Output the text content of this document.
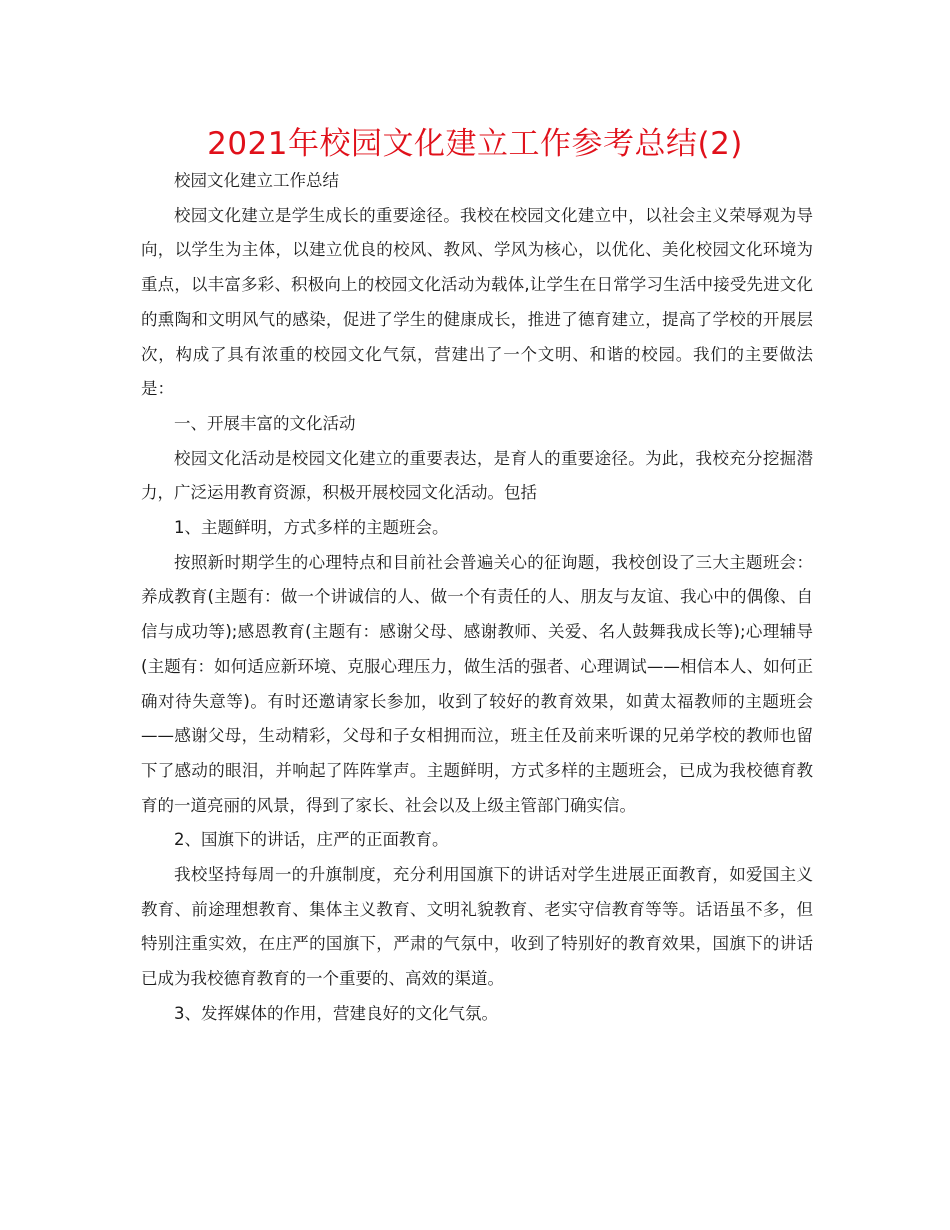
2021年校园文化建立工作参考总结(2)

校园文化建立工作总结

校园文化建立是学生成长的重要途径。我校在校园文化建立中，以社会主义荣辱观为导向，以学生为主体，以建立优良的校风、教风、学风为核心，以优化、美化校园文化环境为重点，以丰富多彩、积极向上的校园文化活动为载体,让学生在日常学习生活中接受先进文化的熏陶和文明风气的感染，促进了学生的健康成长，推进了德育建立，提高了学校的开展层次，构成了具有浓重的校园文化气氛，营建出了一个文明、和谐的校园。我们的主要做法是：

一、开展丰富的文化活动

校园文化活动是校园文化建立的重要表达，是育人的重要途径。为此，我校充分挖掘潜力，广泛运用教育资源，积极开展校园文化活动。包括

1、主题鲜明，方式多样的主题班会。

按照新时期学生的心理特点和目前社会普遍关心的征询题，我校创设了三大主题班会：养成教育(主题有：做一个讲诚信的人、做一个有责任的人、朋友与友谊、我心中的偶像、自信与成功等);感恩教育(主题有：感谢父母、感谢教师、关爱、名人鼓舞我成长等);心理辅导(主题有：如何适应新环境、克服心理压力，做生活的强者、心理调试——相信本人、如何正确对待失意等)。有时还邀请家长参加，收到了较好的教育效果，如黄太福教师的主题班会——感谢父母，生动精彩，父母和子女相拥而泣，班主任及前来听课的兄弟学校的教师也留下了感动的眼泪，并响起了阵阵掌声。主题鲜明，方式多样的主题班会，已成为我校德育教育的一道亮丽的风景，得到了家长、社会以及上级主管部门确实信。

2、国旗下的讲话，庄严的正面教育。

我校坚持每周一的升旗制度，充分利用国旗下的讲话对学生进展正面教育，如爱国主义教育、前途理想教育、集体主义教育、文明礼貌教育、老实守信教育等等。话语虽不多，但特别注重实效，在庄严的国旗下，严肃的气氛中，收到了特别好的教育效果，国旗下的讲话已成为我校德育教育的一个重要的、高效的渠道。

3、发挥媒体的作用，营建良好的文化气氛。
